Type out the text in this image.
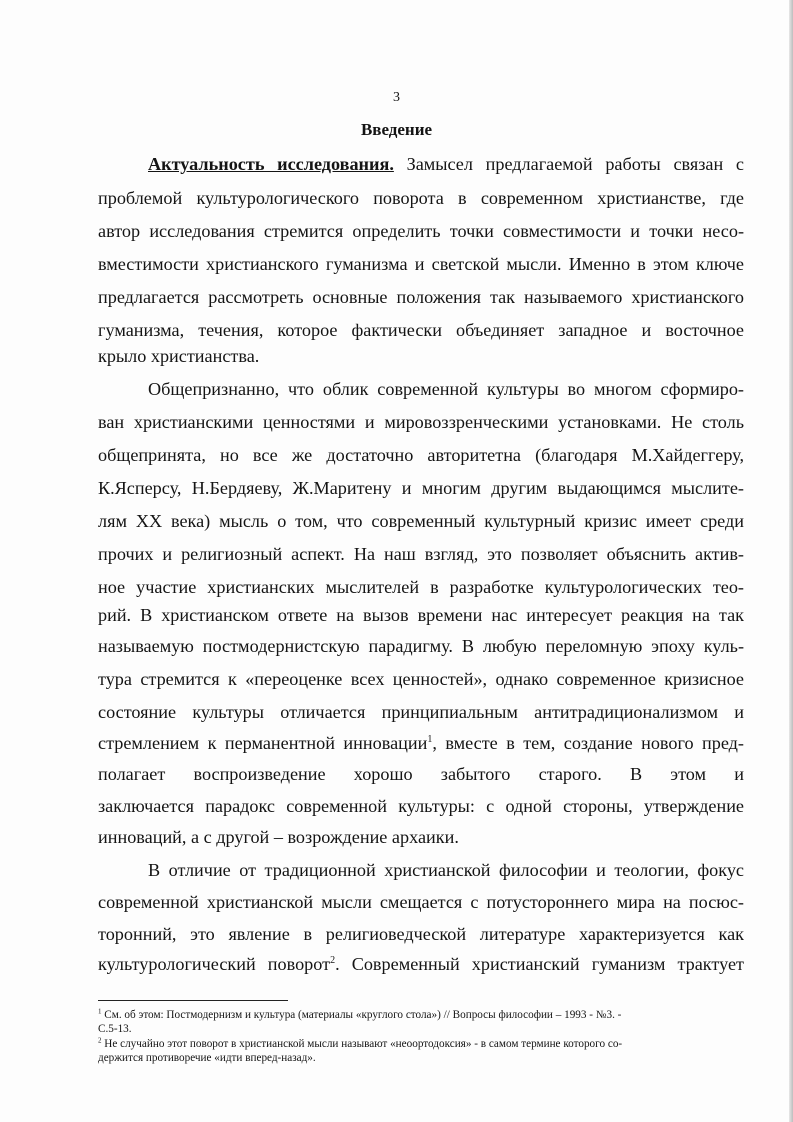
3
Введение
Актуальность исследования. Замысел предлагаемой работы связан с
проблемой культурологического поворота в современном христианстве, где
автор исследования стремится определить точки совместимости и точки несо-
вместимости христианского гуманизма и светской мысли. Именно в этом ключе
предлагается рассмотреть основные положения так называемого христианского
гуманизма, течения, которое фактически объединяет западное и восточное
крыло христианства.
Общепризнанно, что облик современной культуры во многом сформиро-
ван христианскими ценностями и мировоззренческими установками. Не столь
общепринята, но все же достаточно авторитетна (благодаря М.Хайдеггеру,
К.Ясперсу, Н.Бердяеву, Ж.Маритену и многим другим выдающимся мыслите-
лям XX века) мысль о том, что современный культурный кризис имеет среди
прочих и религиозный аспект. На наш взгляд, это позволяет объяснить актив-
ное участие христианских мыслителей в разработке культурологических тео-
рий. В христианском ответе на вызов времени нас интересует реакция на так
называемую постмодернистскую парадигму. В любую переломную эпоху куль-
тура стремится к «переоценке всех ценностей», однако современное кризисное
состояние культуры отличается принципиальным антитрадиционализмом и
стремлением к перманентной инновации$^1$, вместе в тем, создание нового пред-
полагает воспроизведение хорошо забытого старого. В этом и
заключается парадокс современной культуры: с одной стороны, утверждение
инноваций, а с другой – возрождение архаики.
В отличие от традиционной христианской философии и теологии, фокус
современной христианской мысли смещается с потустороннего мира на посюс-
торонний, это явление в религиоведческой литературе характеризуется как
культурологический поворот$^2$. Современный христианский гуманизм трактует
$^1$ См. об этом: Постмодернизм и культура (материалы «круглого стола») // Вопросы философии – 1993 - №3. -
С.5-13.
$^2$ Не случайно этот поворот в христианской мысли называют «неоортодоксия» - в самом термине которого со-
держится противоречие «идти вперед-назад».
